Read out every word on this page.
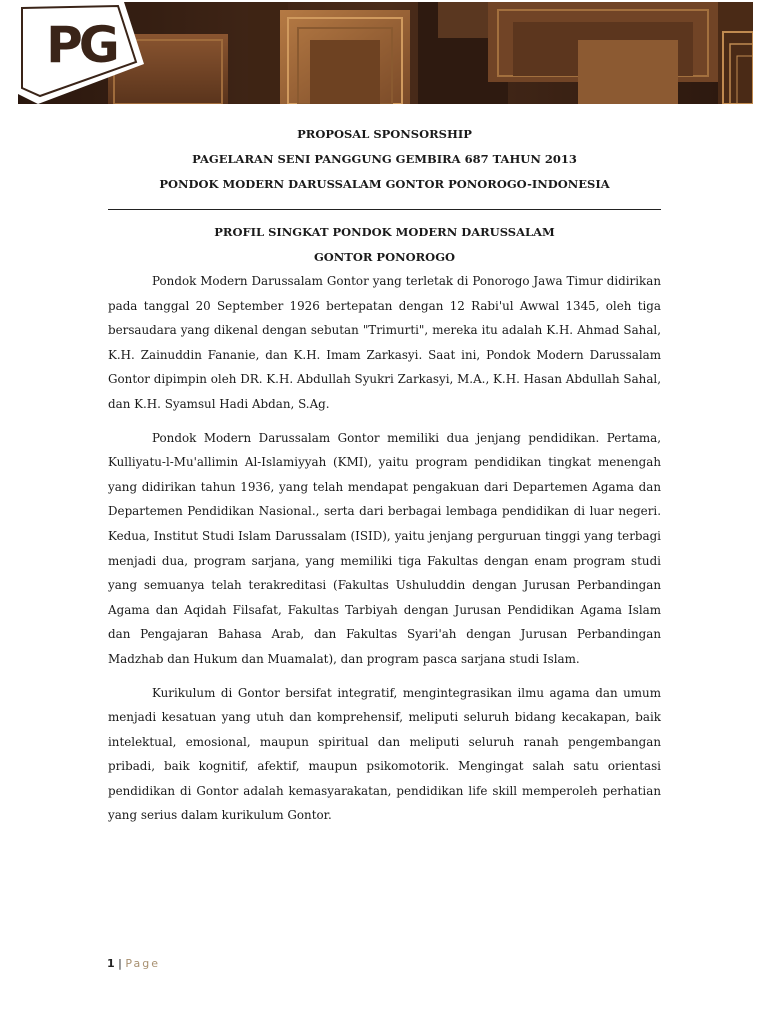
PG
PROPOSAL SPONSORSHIP
PAGELARAN SENI PANGGUNG GEMBIRA 687 TAHUN 2013
PONDOK MODERN DARUSSALAM GONTOR PONOROGO-INDONESIA
PROFIL SINGKAT PONDOK MODERN DARUSSALAM
GONTOR PONOROGO

Pondok Modern Darussalam Gontor yang terletak di Ponorogo Jawa Timur didirikan pada tanggal 20 September 1926 bertepatan dengan 12 Rabi'ul Awwal 1345, oleh tiga bersaudara yang dikenal dengan sebutan "Trimurti", mereka itu adalah K.H. Ahmad Sahal, K.H. Zainuddin Fananie, dan K.H. Imam Zarkasyi. Saat ini, Pondok Modern Darussalam Gontor dipimpin oleh DR. K.H. Abdullah Syukri Zarkasyi, M.A., K.H. Hasan Abdullah Sahal, dan K.H. Syamsul Hadi Abdan, S.Ag.

Pondok Modern Darussalam Gontor memiliki dua jenjang pendidikan. Pertama, Kulliyatu-l-Mu'allimin Al-Islamiyyah (KMI), yaitu program pendidikan tingkat menengah yang didirikan tahun 1936, yang telah mendapat pengakuan dari Departemen Agama dan Departemen Pendidikan Nasional., serta dari berbagai lembaga pendidikan di luar negeri. Kedua, Institut Studi Islam Darussalam (ISID), yaitu jenjang perguruan tinggi yang terbagi menjadi dua, program sarjana, yang memiliki tiga Fakultas dengan enam program studi yang semuanya telah terakreditasi (Fakultas Ushuluddin dengan Jurusan Perbandingan Agama dan Aqidah Filsafat, Fakultas Tarbiyah dengan Jurusan Pendidikan Agama Islam dan Pengajaran Bahasa Arab, dan Fakultas Syari'ah dengan Jurusan Perbandingan Madzhab dan Hukum dan Muamalat), dan program pasca sarjana studi Islam.

Kurikulum di Gontor bersifat integratif, mengintegrasikan ilmu agama dan umum menjadi kesatuan yang utuh dan komprehensif, meliputi seluruh bidang kecakapan, baik intelektual, emosional, maupun spiritual dan meliputi seluruh ranah pengembangan pribadi, baik kognitif, afektif, maupun psikomotorik. Mengingat salah satu orientasi pendidikan di Gontor adalah kemasyarakatan, pendidikan life skill memperoleh perhatian yang serius dalam kurikulum Gontor.

1 | Page
